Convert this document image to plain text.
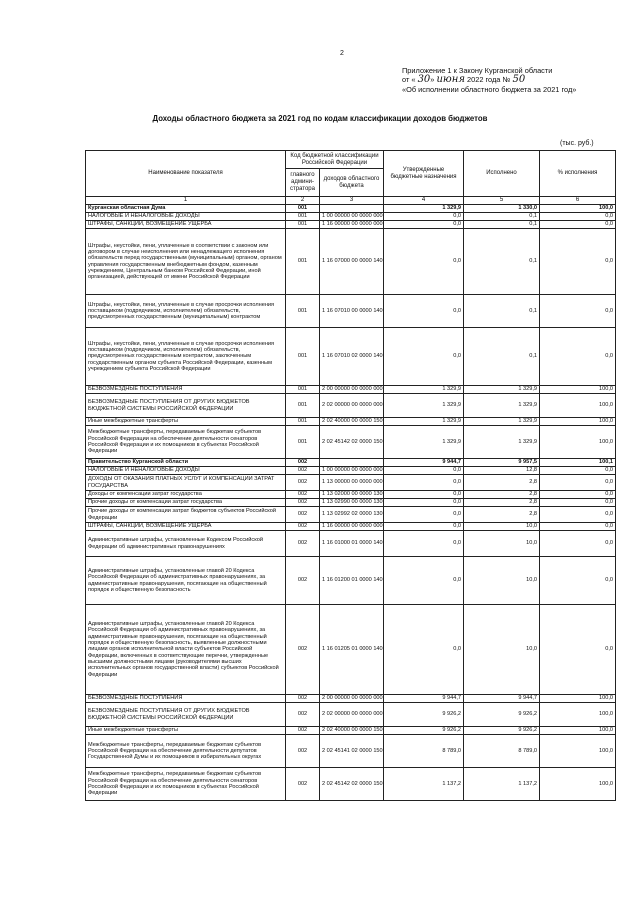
2
Приложение 1 к Закону Курганской области
от « 30» июня 2022 года № 50
«Об исполнении областного бюджета за 2021 год»
Доходы областного бюджета за 2021 год по кодам классификации доходов бюджетов
(тыс. руб.)
Наименование показателя	Код бюджетной классификации Российской Федерации		Утвержденные бюджетные назначения	Исполнено	% исполнения
	главного админи-стратора	доходов областного бюджета			
1	2	3	4	5	6
Курганская областная Дума	001		1 329,9	1 330,0	100,0
НАЛОГОВЫЕ И НЕНАЛОГОВЫЕ ДОХОДЫ	001	1 00 00000 00 0000 000	0,0	0,1	0,0
ШТРАФЫ, САНКЦИИ, ВОЗМЕЩЕНИЕ УЩЕРБА	001	1 16 00000 00 0000 000	0,0	0,1	0,0
Штрафы, неустойки, пени, уплаченные в соответствии с законом или договором в случае неисполнения или ненадлежащего исполнения обязательств перед государственным (муниципальным) органом, органом управления государственным внебюджетным фондом, казенным учреждением, Центральным банком Российской Федерации, иной организацией, действующей от имени Российской Федерации	001	1 16 07000 00 0000 140	0,0	0,1	0,0
Штрафы, неустойки, пени, уплаченные в случае просрочки исполнения поставщиком (подрядчиком, исполнителем) обязательств, предусмотренных государственным (муниципальным) контрактом	001	1 16 07010 00 0000 140	0,0	0,1	0,0
Штрафы, неустойки, пени, уплаченные в случае просрочки исполнения поставщиком (подрядчиком, исполнителем) обязательств, предусмотренных государственным контрактом, заключенным государственным органом субъекта Российской Федерации, казенным учреждением субъекта Российской Федерации	001	1 16 07010 02 0000 140	0,0	0,1	0,0
БЕЗВОЗМЕЗДНЫЕ ПОСТУПЛЕНИЯ	001	2 00 00000 00 0000 000	1 329,9	1 329,9	100,0
БЕЗВОЗМЕЗДНЫЕ ПОСТУПЛЕНИЯ ОТ ДРУГИХ БЮДЖЕТОВ БЮДЖЕТНОЙ СИСТЕМЫ РОССИЙСКОЙ ФЕДЕРАЦИИ	001	2 02 00000 00 0000 000	1 329,9	1 329,9	100,0
Иные межбюджетные трансферты	001	2 02 40000 00 0000 150	1 329,9	1 329,9	100,0
Межбюджетные трансферты, передаваемые бюджетам субъектов Российской Федерации на обеспечение деятельности сенаторов Российской Федерации и их помощников в субъектах Российской Федерации	001	2 02 45142 02 0000 150	1 329,9	1 329,9	100,0
Правительство Курганской области	002		9 944,7	9 957,5	100,1
НАЛОГОВЫЕ И НЕНАЛОГОВЫЕ ДОХОДЫ	002	1 00 00000 00 0000 000	0,0	12,8	0,0
ДОХОДЫ ОТ ОКАЗАНИЯ ПЛАТНЫХ УСЛУГ И КОМПЕНСАЦИИ ЗАТРАТ ГОСУДАРСТВА	002	1 13 00000 00 0000 000	0,0	2,8	0,0
Доходы от компенсации затрат государства	002	1 13 02000 00 0000 130	0,0	2,8	0,0
Прочие доходы от компенсации затрат государства	002	1 13 02990 00 0000 130	0,0	2,8	0,0
Прочие доходы от компенсации затрат бюджетов субъектов Российской Федерации	002	1 13 02992 02 0000 130	0,0	2,8	0,0
ШТРАФЫ, САНКЦИИ, ВОЗМЕЩЕНИЕ УЩЕРБА	002	1 16 00000 00 0000 000	0,0	10,0	0,0
Административные штрафы, установленные Кодексом Российской Федерации об административных правонарушениях	002	1 16 01000 01 0000 140	0,0	10,0	0,0
Административные штрафы, установленные главой 20 Кодекса Российской Федерации об административных правонарушениях, за административные правонарушения, посягающие на общественный порядок и общественную безопасность	002	1 16 01200 01 0000 140	0,0	10,0	0,0
Административные штрафы, установленные главой 20 Кодекса Российской Федерации об административных правонарушениях, за административные правонарушения, посягающие на общественный порядок и общественную безопасность, выявленные должностными лицами органов исполнительной власти субъектов Российской Федерации, включенных в соответствующие перечни, утвержденные высшими должностными лицами (руководителями высших исполнительных органов государственной власти) субъектов Российской Федерации	002	1 16 01205 01 0000 140	0,0	10,0	0,0
БЕЗВОЗМЕЗДНЫЕ ПОСТУПЛЕНИЯ	002	2 00 00000 00 0000 000	9 944,7	9 944,7	100,0
БЕЗВОЗМЕЗДНЫЕ ПОСТУПЛЕНИЯ ОТ ДРУГИХ БЮДЖЕТОВ БЮДЖЕТНОЙ СИСТЕМЫ РОССИЙСКОЙ ФЕДЕРАЦИИ	002	2 02 00000 00 0000 000	9 926,2	9 926,2	100,0
Иные межбюджетные трансферты	002	2 02 40000 00 0000 150	9 926,2	9 926,2	100,0
Межбюджетные трансферты, передаваемые бюджетам субъектов Российской Федерации на обеспечение деятельности депутатов Государственной Думы и их помощников в избирательных округах	002	2 02 45141 02 0000 150	8 789,0	8 789,0	100,0
Межбюджетные трансферты, передаваемые бюджетам субъектов Российской Федерации на обеспечение деятельности сенаторов Российской Федерации и их помощников в субъектах Российской Федерации	002	2 02 45142 02 0000 150	1 137,2	1 137,2	100,0
